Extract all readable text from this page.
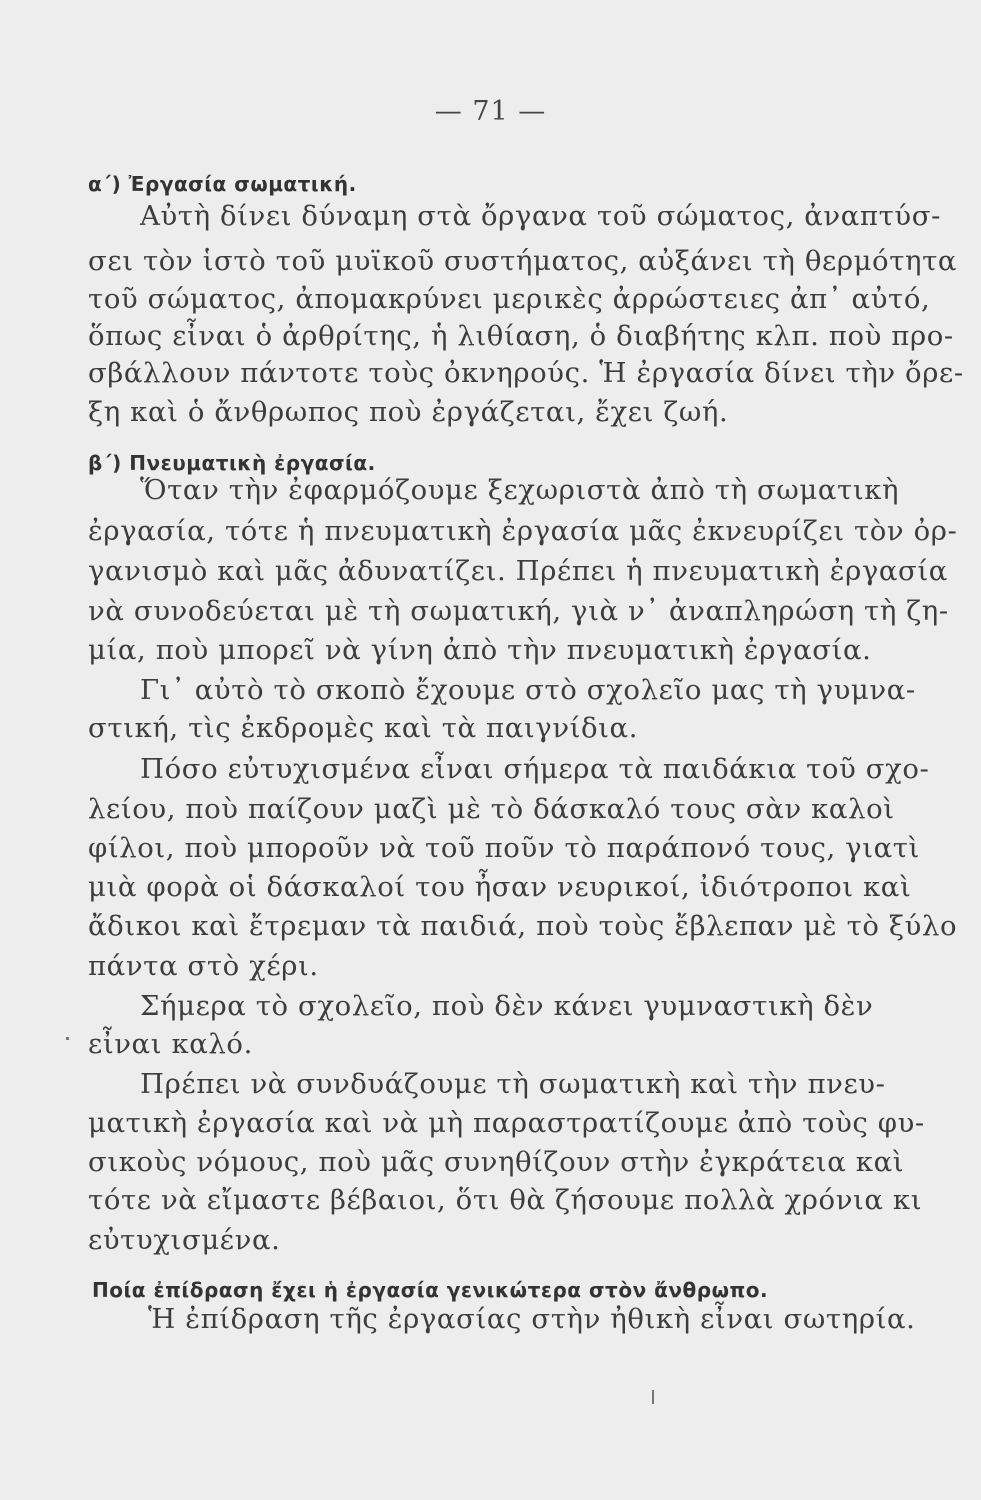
— 71 —
α΄) Ἐργασία σωματική.
Αὐτὴ δίνει δύναμη στὰ ὄργανα τοῦ σώματος, ἀναπτύσ-
σει τὸν ἱστὸ τοῦ μυϊκοῦ συστήματος, αὐξάνει τὴ θερμότητα
τοῦ σώματος, ἀπομακρύνει μερικὲς ἀρρώστειες ἀπ᾿ αὐτό,
ὅπως εἶναι ὁ ἀρθρίτης, ἡ λιθίαση, ὁ διαβήτης κλπ. ποὺ προ-
σβάλλουν πάντοτε τοὺς ὀκνηρούς. Ἡ ἐργασία δίνει τὴν ὄρε-
ξη καὶ ὁ ἄνθρωπος ποὺ ἐργάζεται, ἔχει ζωή.
β΄) Πνευματικὴ ἐργασία.
Ὅταν τὴν ἐφαρμόζουμε ξεχωριστὰ ἀπὸ τὴ σωματικὴ
ἐργασία, τότε ἡ πνευματικὴ ἐργασία μᾶς ἐκνευρίζει τὸν ὀρ-
γανισμὸ καὶ μᾶς ἀδυνατίζει. Πρέπει ἡ πνευματικὴ ἐργασία
νὰ συνοδεύεται μὲ τὴ σωματική, γιὰ ν᾿ ἀναπληρώση τὴ ζη-
μία, ποὺ μπορεῖ νὰ γίνη ἀπὸ τὴν πνευματικὴ ἐργασία.
Γι᾿ αὐτὸ τὸ σκοπὸ ἔχουμε στὸ σχολεῖο μας τὴ γυμνα-
στική, τὶς ἐκδρομὲς καὶ τὰ παιγνίδια.
Πόσο εὐτυχισμένα εἶναι σήμερα τὰ παιδάκια τοῦ σχο-
λείου, ποὺ παίζουν μαζὶ μὲ τὸ δάσκαλό τους σὰν καλοὶ
φίλοι, ποὺ μποροῦν νὰ τοῦ ποῦν τὸ παράπονό τους, γιατὶ
μιὰ φορὰ οἱ δάσκαλοί του ἦσαν νευρικοί, ἰδιότροποι καὶ
ἄδικοι καὶ ἔτρεμαν τὰ παιδιά, ποὺ τοὺς ἔβλεπαν μὲ τὸ ξύλο
πάντα στὸ χέρι.
Σήμερα τὸ σχολεῖο, ποὺ δὲν κάνει γυμναστικὴ δὲν
εἶναι καλό.
Πρέπει νὰ συνδυάζουμε τὴ σωματικὴ καὶ τὴν πνευ-
ματικὴ ἐργασία καὶ νὰ μὴ παραστρατίζουμε ἀπὸ τοὺς φυ-
σικοὺς νόμους, ποὺ μᾶς συνηθίζουν στὴν ἐγκράτεια καὶ
τότε νὰ εἴμαστε βέβαιοι, ὅτι θὰ ζήσουμε πολλὰ χρόνια κι
εὐτυχισμένα.
Ποία ἐπίδραση ἔχει ἡ ἐργασία γενικώτερα στὸν ἄνθρωπο.
Ἡ ἐπίδραση τῆς ἐργασίας στὴν ἠθικὴ εἶναι σωτηρία.
